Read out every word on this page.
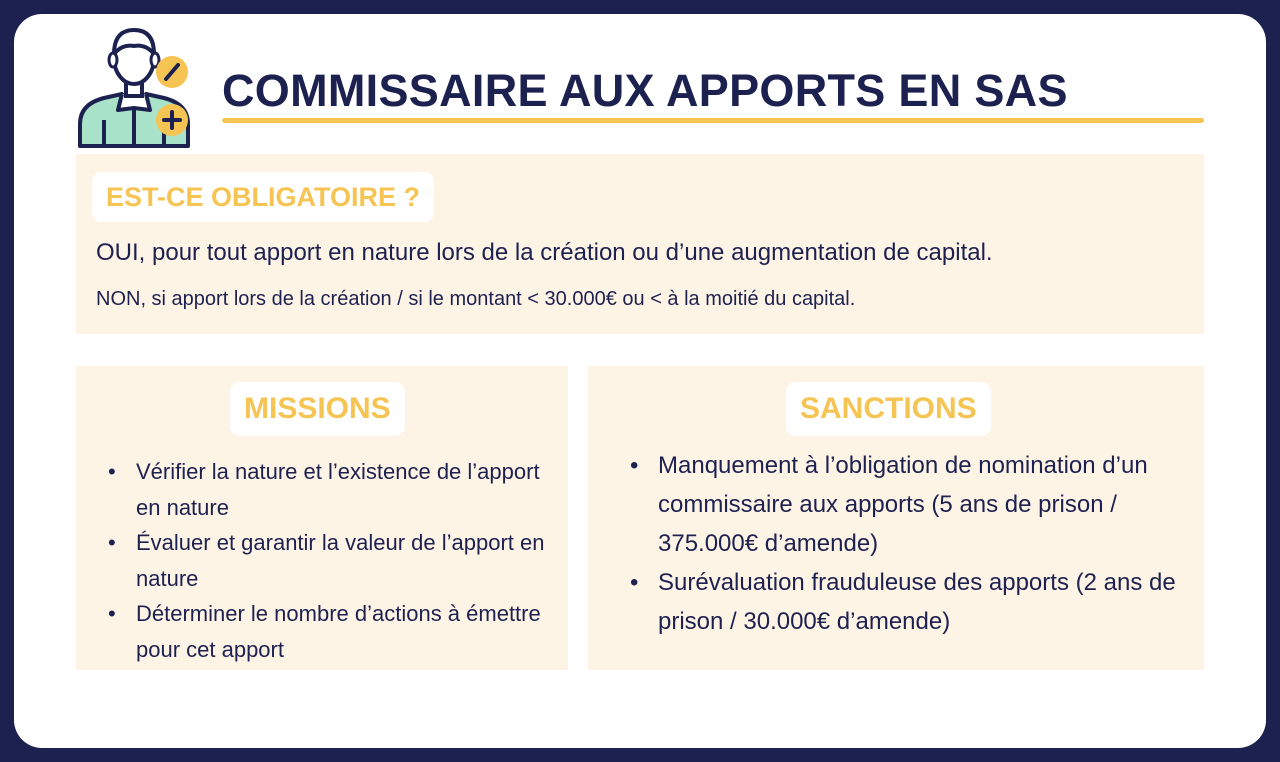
COMMISSAIRE AUX APPORTS EN SAS
EST-CE OBLIGATOIRE ?

OUI, pour tout apport en nature lors de la création ou d’une augmentation de capital.

NON, si apport lors de la création / si le montant < 30.000€ ou < à la moitié du capital.

MISSIONS
• Vérifier la nature et l’existence de l’apport en nature
• Évaluer et garantir la valeur de l’apport en nature
• Déterminer le nombre d’actions à émettre pour cet apport
SANCTIONS
• Manquement à l’obligation de nomination d’un commissaire aux apports (5 ans de prison / 375.000€ d’amende)
• Surévaluation frauduleuse des apports (2 ans de prison / 30.000€ d’amende)
